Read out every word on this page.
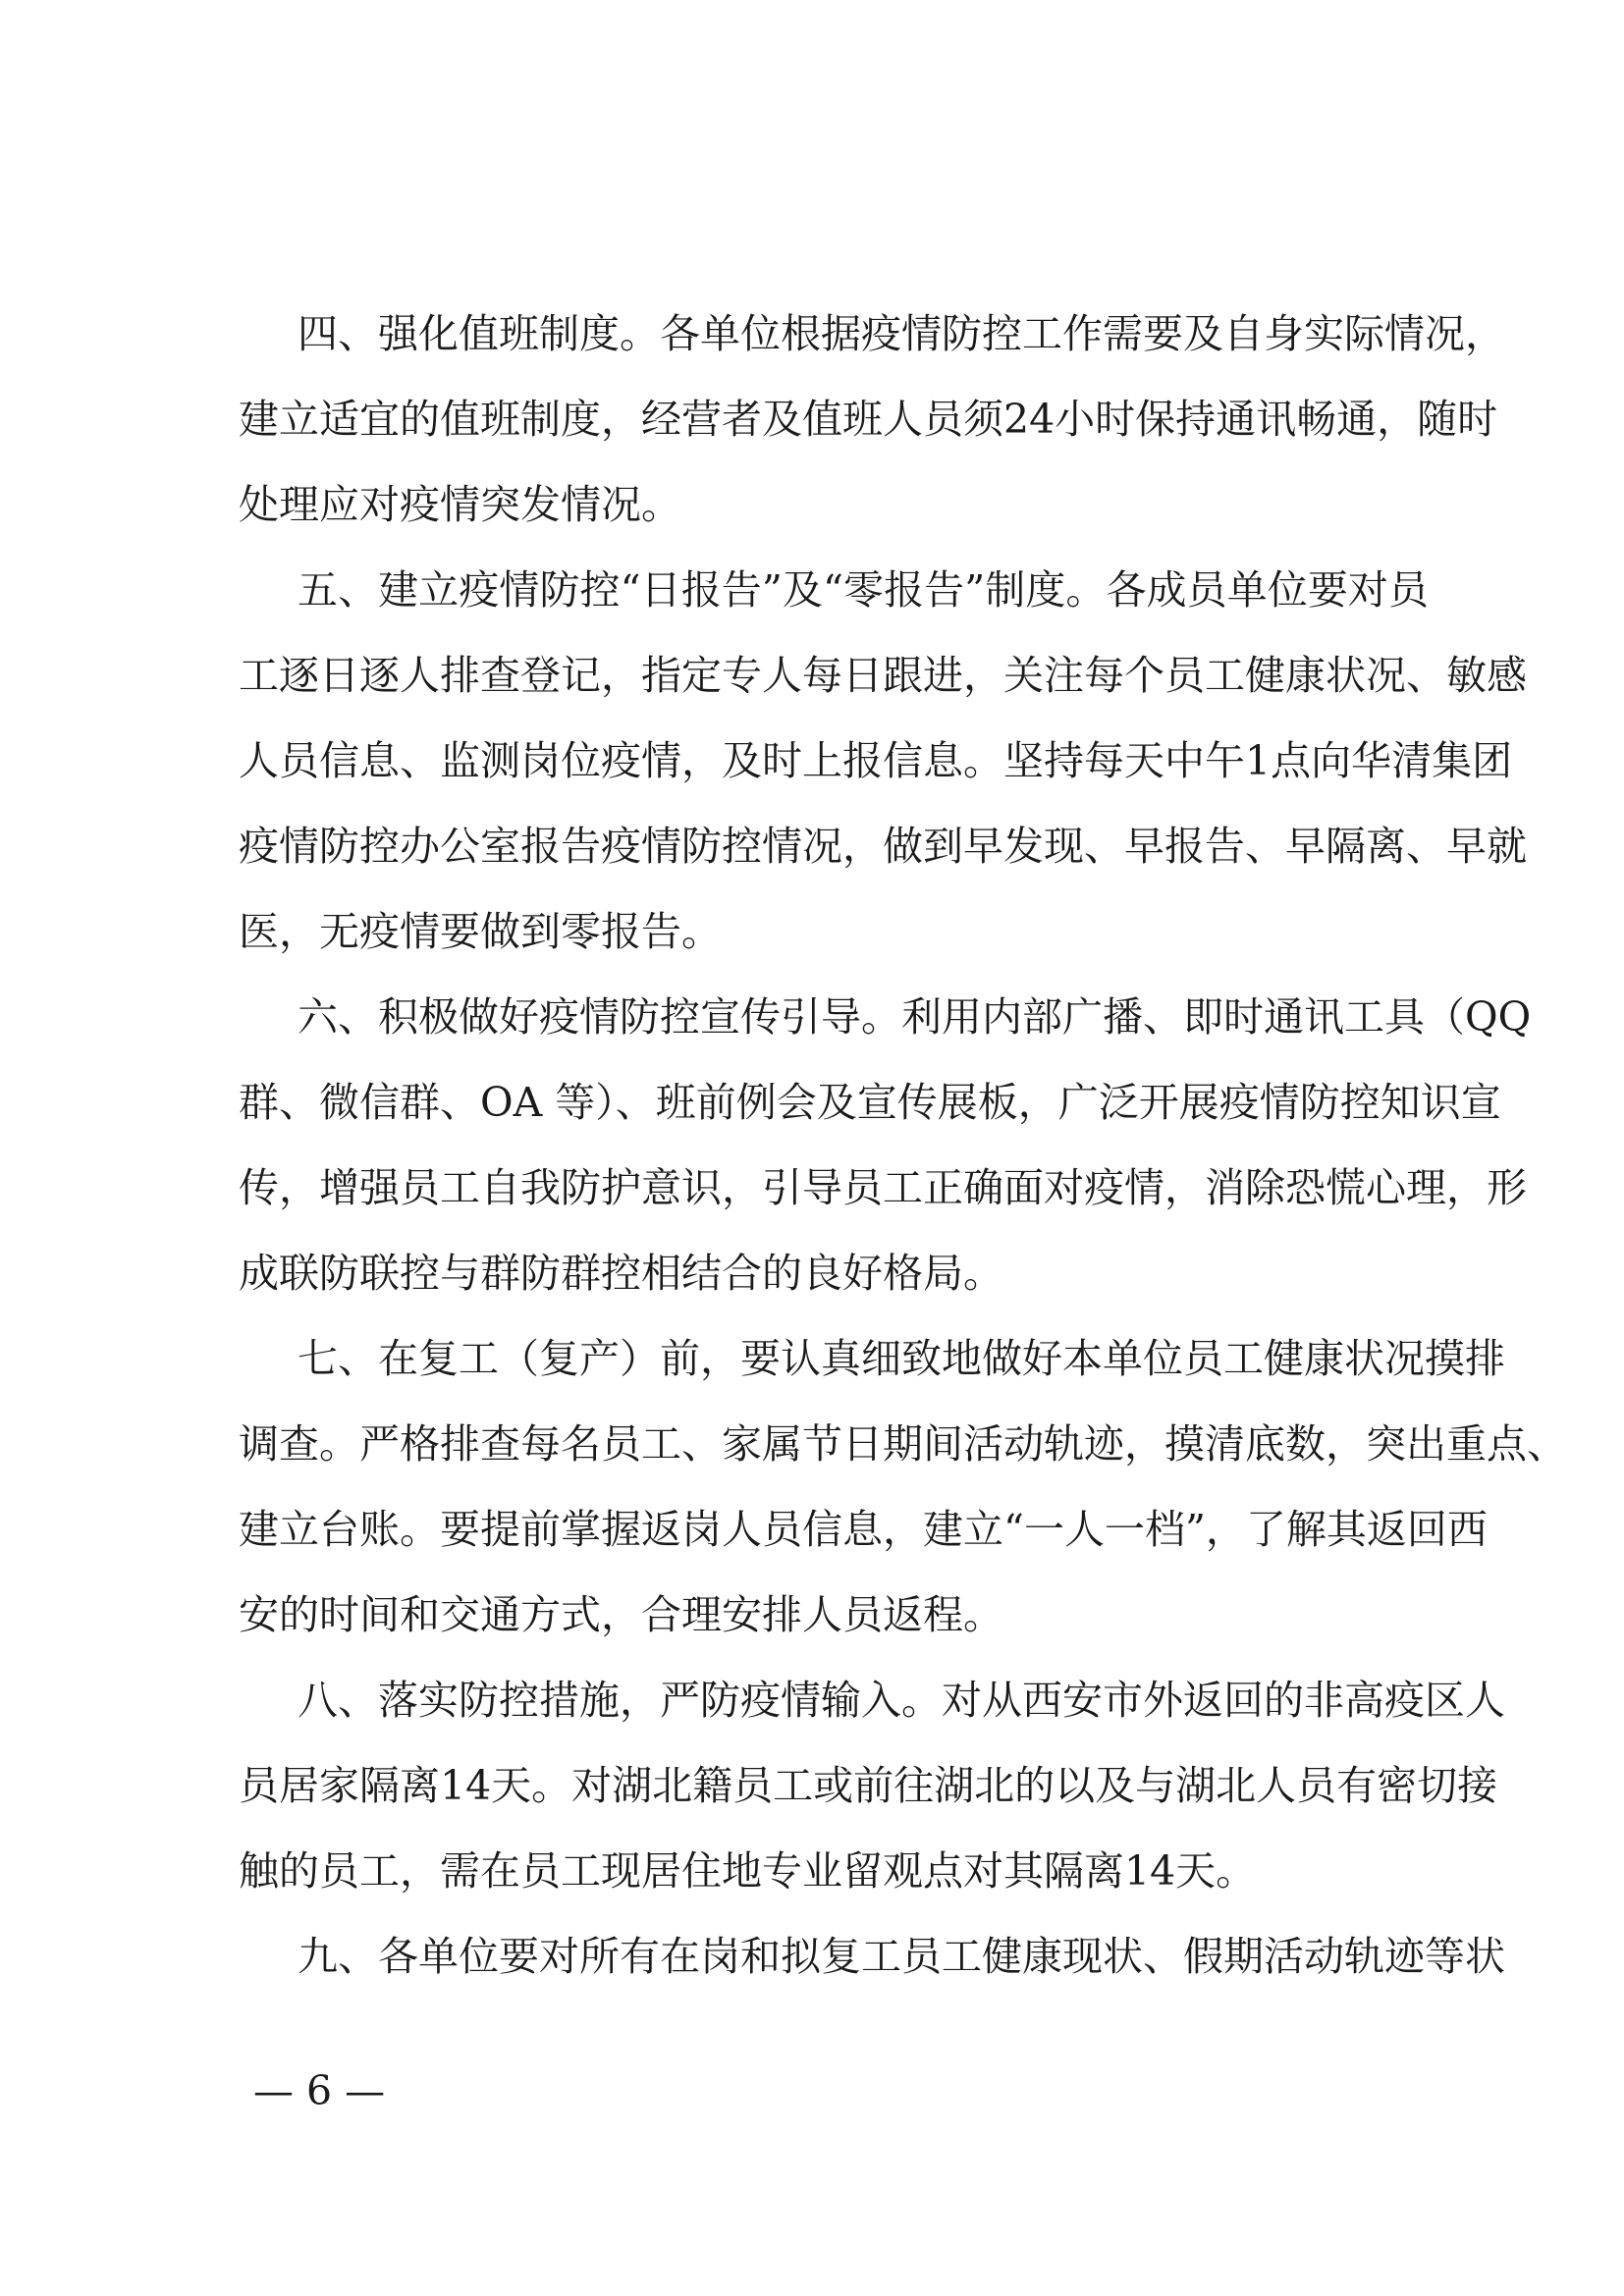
四、强化值班制度。各单位根据疫情防控工作需要及自身实际情况，
建立适宜的值班制度，经营者及值班人员须24小时保持通讯畅通，随时
处理应对疫情突发情况。
五、建立疫情防控“日报告”及“零报告”制度。各成员单位要对员
工逐日逐人排查登记，指定专人每日跟进，关注每个员工健康状况、敏感
人员信息、监测岗位疫情，及时上报信息。坚持每天中午1点向华清集团
疫情防控办公室报告疫情防控情况，做到早发现、早报告、早隔离、早就
医，无疫情要做到零报告。
六、积极做好疫情防控宣传引导。利用内部广播、即时通讯工具（QQ
群、微信群、OA 等）、班前例会及宣传展板，广泛开展疫情防控知识宣
传，增强员工自我防护意识，引导员工正确面对疫情，消除恐慌心理，形
成联防联控与群防群控相结合的良好格局。
七、在复工（复产）前，要认真细致地做好本单位员工健康状况摸排
调查。严格排查每名员工、家属节日期间活动轨迹，摸清底数，突出重点、
建立台账。要提前掌握返岗人员信息，建立“一人一档”，了解其返回西
安的时间和交通方式，合理安排人员返程。
八、落实防控措施，严防疫情输入。对从西安市外返回的非高疫区人
员居家隔离14天。对湖北籍员工或前往湖北的以及与湖北人员有密切接
触的员工，需在员工现居住地专业留观点对其隔离14天。
九、各单位要对所有在岗和拟复工员工健康现状、假期活动轨迹等状
— 6 —
